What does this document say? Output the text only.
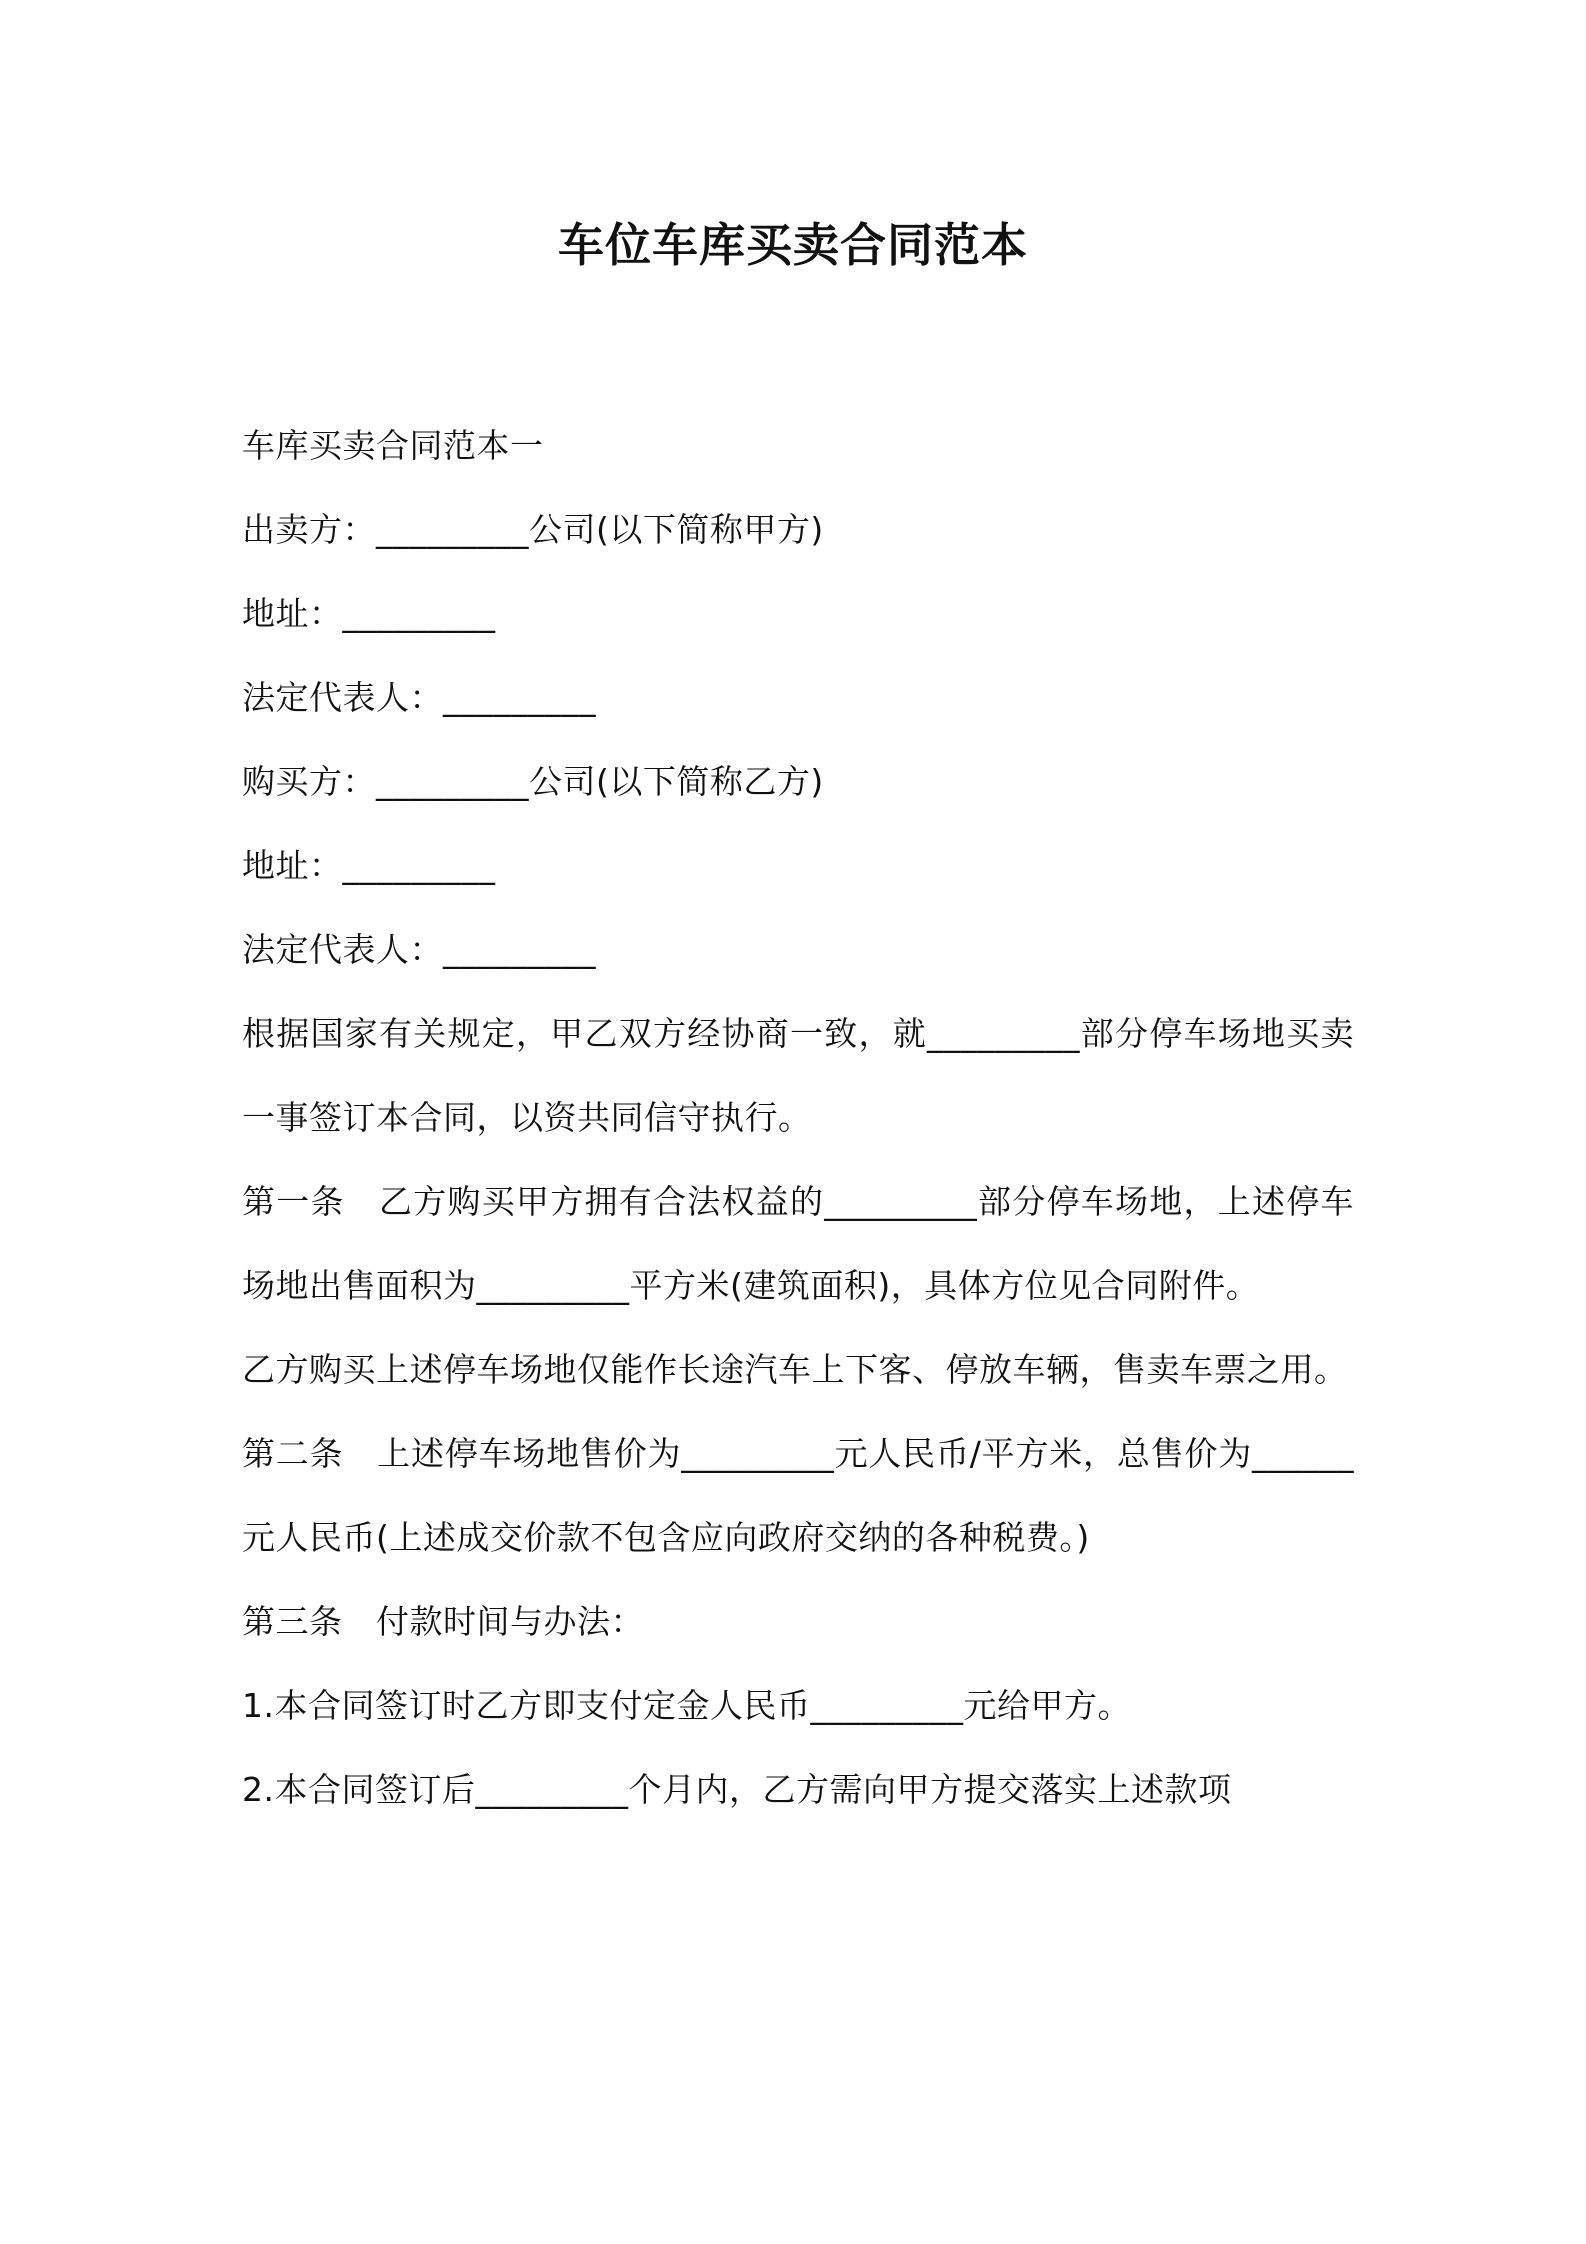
车位车库买卖合同范本

车库买卖合同范本一

出卖方：_________公司(以下简称甲方)

地址：_________

法定代表人：_________

购买方：_________公司(以下简称乙方)

地址：_________

法定代表人：_________

根据国家有关规定，甲乙双方经协商一致，就_________部分停车场地买卖一事签订本合同，以资共同信守执行。

第一条　乙方购买甲方拥有合法权益的_________部分停车场地，上述停车场地出售面积为_________平方米(建筑面积)，具体方位见合同附件。

乙方购买上述停车场地仅能作长途汽车上下客、停放车辆，售卖车票之用。

第二条　上述停车场地售价为_________元人民币/平方米，总售价为______元人民币(上述成交价款不包含应向政府交纳的各种税费。)

第三条　付款时间与办法：

1.本合同签订时乙方即支付定金人民币_________元给甲方。

2.本合同签订后_________个月内，乙方需向甲方提交落实上述款项
